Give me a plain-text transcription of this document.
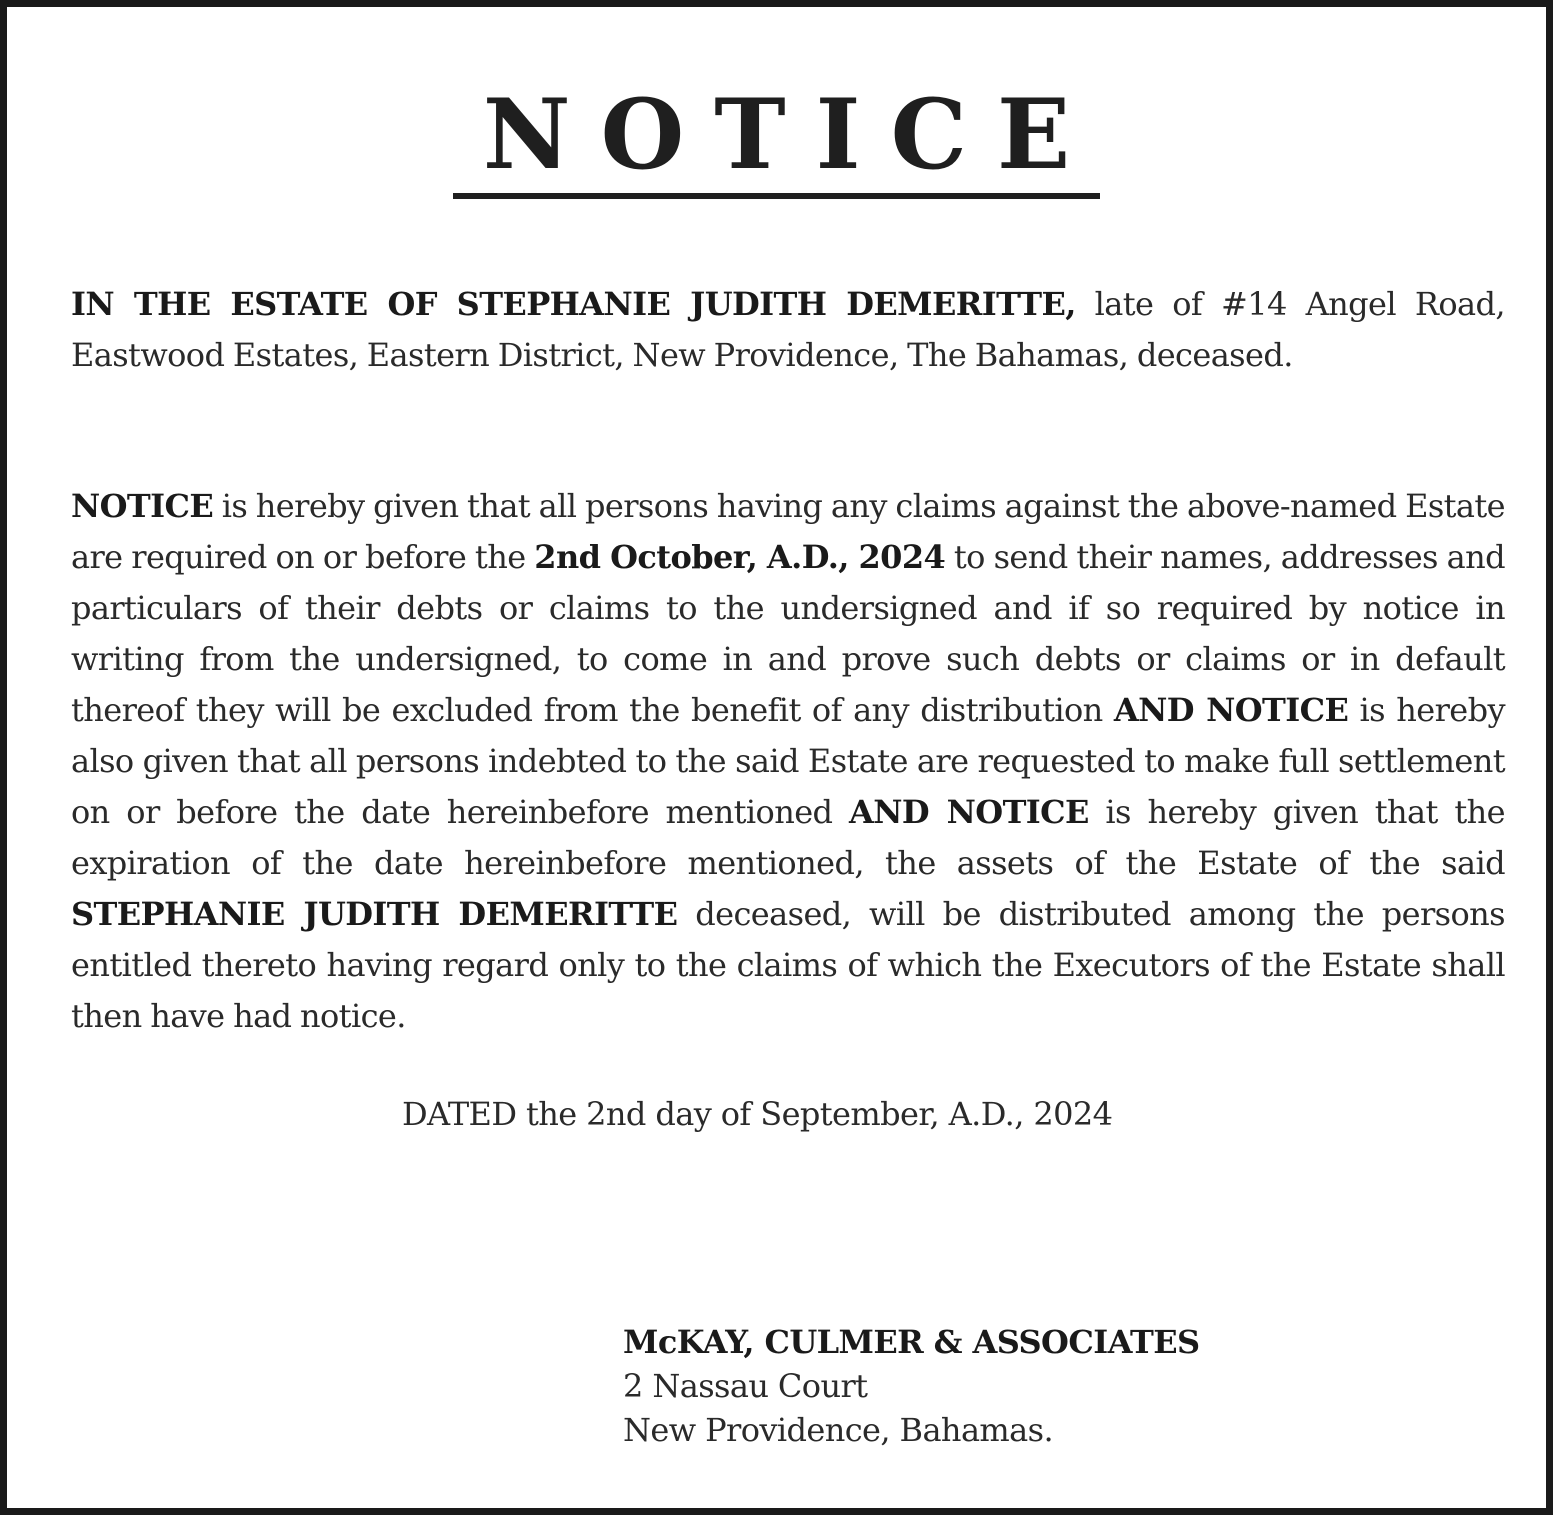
NOTICE

IN THE ESTATE OF STEPHANIE JUDITH DEMERITTE, late of #14 Angel Road, Eastwood Estates, Eastern District, New Providence, The Bahamas, deceased.

NOTICE is hereby given that all persons having any claims against the above-named Estate are required on or before the 2nd October, A.D., 2024 to send their names, addresses and particulars of their debts or claims to the undersigned and if so required by notice in writing from the undersigned, to come in and prove such debts or claims or in default thereof they will be excluded from the benefit of any distribution AND NOTICE is hereby also given that all persons indebted to the said Estate are requested to make full settlement on or before the date hereinbefore mentioned AND NOTICE is hereby given that the expiration of the date hereinbefore mentioned, the assets of the Estate of the said STEPHANIE JUDITH DEMERITTE deceased, will be distributed among the persons entitled thereto having regard only to the claims of which the Executors of the Estate shall then have had notice.

DATED the 2nd day of September, A.D., 2024

McKAY, CULMER & ASSOCIATES
2 Nassau Court
New Providence, Bahamas.
